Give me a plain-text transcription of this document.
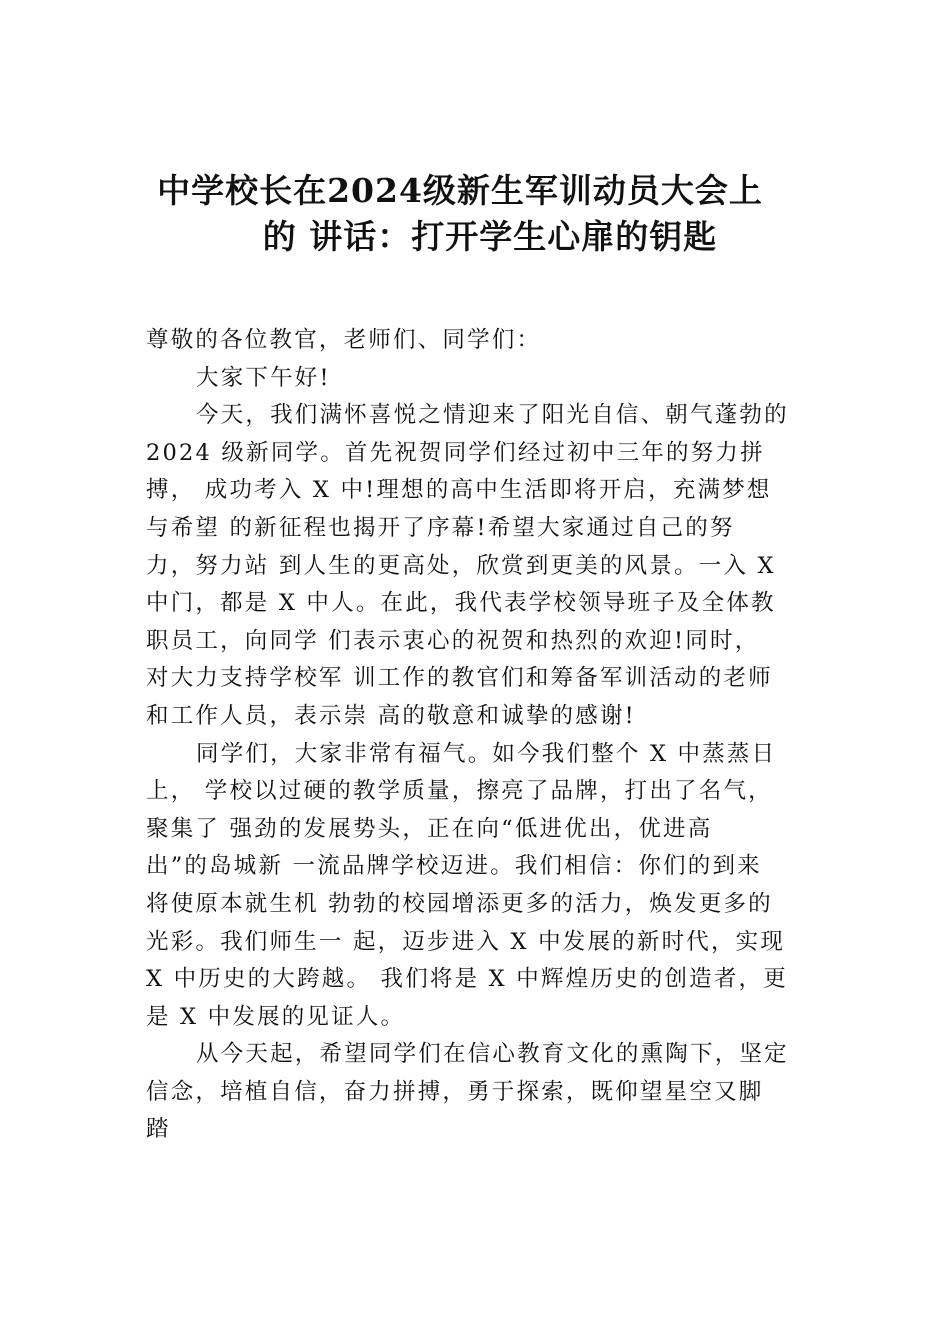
中学校长在2024级新生军训动员大会上
的 讲话：打开学生心扉的钥匙

尊敬的各位教官，老师们、同学们：

大家下午好!

今天，我们满怀喜悦之情迎来了阳光自信、朝气蓬勃的
2024 级新同学。首先祝贺同学们经过初中三年的努力拼
搏， 成功考入 X 中!理想的高中生活即将开启，充满梦想
与希望 的新征程也揭开了序幕!希望大家通过自己的努
力，努力站 到人生的更高处，欣赏到更美的风景。一入 X
中门，都是 X 中人。在此，我代表学校领导班子及全体教
职员工，向同学 们表示衷心的祝贺和热烈的欢迎!同时，
对大力支持学校军 训工作的教官们和筹备军训活动的老师
和工作人员，表示崇 高的敬意和诚挚的感谢!

同学们，大家非常有福气。如今我们整个 X 中蒸蒸日
上， 学校以过硬的教学质量，擦亮了品牌，打出了名气，
聚集了 强劲的发展势头，正在向“低进优出，优进高
出”的岛城新 一流品牌学校迈进。我们相信：你们的到来
将使原本就生机 勃勃的校园增添更多的活力，焕发更多的
光彩。我们师生一 起，迈步进入 X 中发展的新时代，实现
X 中历史的大跨越。 我们将是 X 中辉煌历史的创造者，更
是 X 中发展的见证人。

从今天起，希望同学们在信心教育文化的熏陶下，坚定
信念，培植自信，奋力拼搏，勇于探索，既仰望星空又脚
踏
